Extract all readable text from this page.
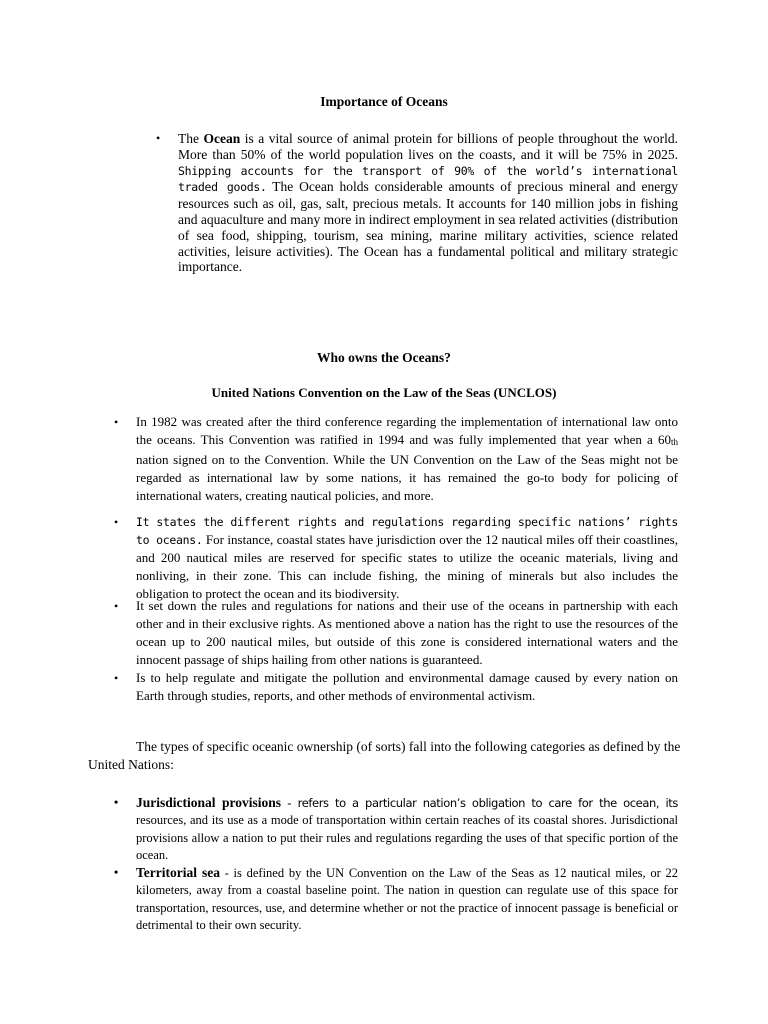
Importance of Oceans
• The Ocean is a vital source of animal protein for billions of people throughout the world. More than 50% of the world population lives on the coasts, and it will be 75% in 2025. Shipping accounts for the transport of 90% of the world’s international traded goods. The Ocean holds considerable amounts of precious mineral and energy resources such as oil, gas, salt, precious metals. It accounts for 140 million jobs in fishing and aquaculture and many more in indirect employment in sea related activities (distribution of sea food, shipping, tourism, sea mining, marine military activities, science related activities, leisure activities). The Ocean has a fundamental political and military strategic importance.
Who owns the Oceans?
United Nations Convention on the Law of the Seas (UNCLOS)
• In 1982 was created after the third conference regarding the implementation of international law onto the oceans. This Convention was ratified in 1994 and was fully implemented that year when a $60_{th}$ nation signed on to the Convention. While the UN Convention on the Law of the Seas might not be regarded as international law by some nations, it has remained the go-to body for policing of international waters, creating nautical policies, and more.
• It states the different rights and regulations regarding specific nations’ rights to oceans. For instance, coastal states have jurisdiction over the 12 nautical miles off their coastlines, and 200 nautical miles are reserved for specific states to utilize the oceanic materials, living and nonliving, in their zone. This can include fishing, the mining of minerals but also includes the obligation to protect the ocean and its biodiversity.
• It set down the rules and regulations for nations and their use of the oceans in partnership with each other and in their exclusive rights. As mentioned above a nation has the right to use the resources of the ocean up to 200 nautical miles, but outside of this zone is considered international waters and the innocent passage of ships hailing from other nations is guaranteed.
• Is to help regulate and mitigate the pollution and environmental damage caused by every nation on Earth through studies, reports, and other methods of environmental activism.

The types of specific oceanic ownership (of sorts) fall into the following categories as defined by the United Nations:

• Jurisdictional provisions - refers to a particular nation’s obligation to care for the ocean, its resources, and its use as a mode of transportation within certain reaches of its coastal shores. Jurisdictional provisions allow a nation to put their rules and regulations regarding the uses of that specific portion of the ocean.
• Territorial sea - is defined by the UN Convention on the Law of the Seas as 12 nautical miles, or 22 kilometers, away from a coastal baseline point. The nation in question can regulate use of this space for transportation, resources, use, and determine whether or not the practice of innocent passage is beneficial or detrimental to their own security.
